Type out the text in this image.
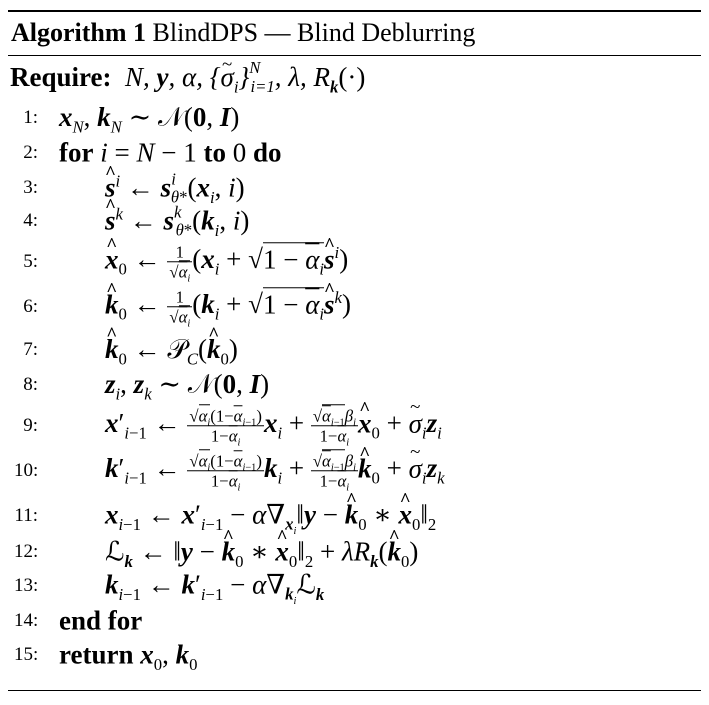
Algorithm 1 BlindDPS — Blind Deblurring
Require: N, y, α, {~ $\sigma_i\}^N_{i=1}$, λ, $R_k(\cdot)$
1: $x_N$, $k_N$ ∼ 𝒩(0, I)
2: for i = N − 1 to 0 do
3: ^ $s^i$ ← $s^i_{\theta*}(x_i$, i)
4: ^ $s^k$ ← $s^k_{\theta*}(k_i$, i)
5: ^ $x_0$ ← $\frac{1}{√\alpha_i} (x_i + √1$ − $\overline{\alpha}_i\^{}$ $s^i$)
6: ^ $k_0$ ← $\frac{1}{√\alpha_i} (k_i + √1$ − $\overline{\alpha}_i\^{}$ $s^k$)
7: ^ $k_0$ ← 𝒫$_C$(^ $k_0$)
8: $z_i$, $z_k$ ∼ 𝒩(0, I)
9: $x'_{i-1}$ ← $\frac{√\alpha_i(1-\overline{\alpha}_{i-1})}{1-\overline{\alpha}_i} x_i + \frac{√\alpha_{i-1}\beta_i}{1-\overline{\alpha}_i}$ ^ $x_0$ + ~ $\sigma_iz_i$
10: $k'_{i-1}$ ← $\frac{√\alpha_i(1-\overline{\alpha}_{i-1})}{1-\overline{\alpha}_i} k_i + \frac{√\alpha_{i-1}\beta_i}{1-\overline{\alpha}_i}$ ^ $k_0$ + ~ $\sigma_iz_k$
11: $x_{i-1}$ ← $x'_{i-1}$ − $\alpha\nabla_{x_i}‖y$ − ^ $k_0$ ∗ ^ $x_0‖_2$
12: ℒ$_k$ ← ‖y − ^ $k_0$ ∗ ^ $x_0‖_2$ + $\lambda R_k(\^{}$ $k_0$)
13: $k_{i-1}$ ← $k'_{i-1}$ − $\alpha\nabla_{k_i}ℒ_k$
14: end for
15: return $x_0$, $k_0$
